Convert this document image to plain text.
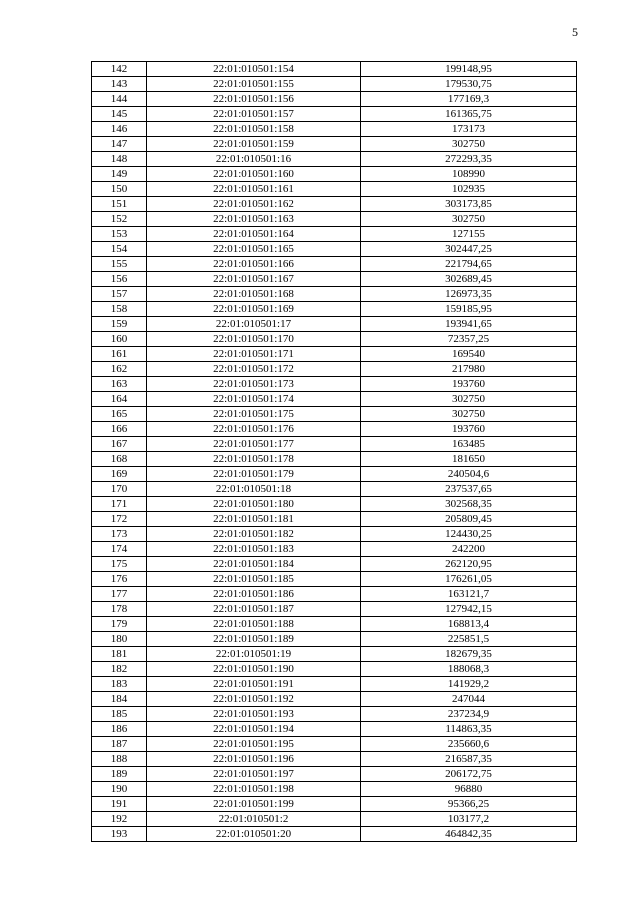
5
142	22:01:010501:154	199148,95
143	22:01:010501:155	179530,75
144	22:01:010501:156	177169,3
145	22:01:010501:157	161365,75
146	22:01:010501:158	173173
147	22:01:010501:159	302750
148	22:01:010501:16	272293,35
149	22:01:010501:160	108990
150	22:01:010501:161	102935
151	22:01:010501:162	303173,85
152	22:01:010501:163	302750
153	22:01:010501:164	127155
154	22:01:010501:165	302447,25
155	22:01:010501:166	221794,65
156	22:01:010501:167	302689,45
157	22:01:010501:168	126973,35
158	22:01:010501:169	159185,95
159	22:01:010501:17	193941,65
160	22:01:010501:170	72357,25
161	22:01:010501:171	169540
162	22:01:010501:172	217980
163	22:01:010501:173	193760
164	22:01:010501:174	302750
165	22:01:010501:175	302750
166	22:01:010501:176	193760
167	22:01:010501:177	163485
168	22:01:010501:178	181650
169	22:01:010501:179	240504,6
170	22:01:010501:18	237537,65
171	22:01:010501:180	302568,35
172	22:01:010501:181	205809,45
173	22:01:010501:182	124430,25
174	22:01:010501:183	242200
175	22:01:010501:184	262120,95
176	22:01:010501:185	176261,05
177	22:01:010501:186	163121,7
178	22:01:010501:187	127942,15
179	22:01:010501:188	168813,4
180	22:01:010501:189	225851,5
181	22:01:010501:19	182679,35
182	22:01:010501:190	188068,3
183	22:01:010501:191	141929,2
184	22:01:010501:192	247044
185	22:01:010501:193	237234,9
186	22:01:010501:194	114863,35
187	22:01:010501:195	235660,6
188	22:01:010501:196	216587,35
189	22:01:010501:197	206172,75
190	22:01:010501:198	96880
191	22:01:010501:199	95366,25
192	22:01:010501:2	103177,2
193	22:01:010501:20	464842,35
